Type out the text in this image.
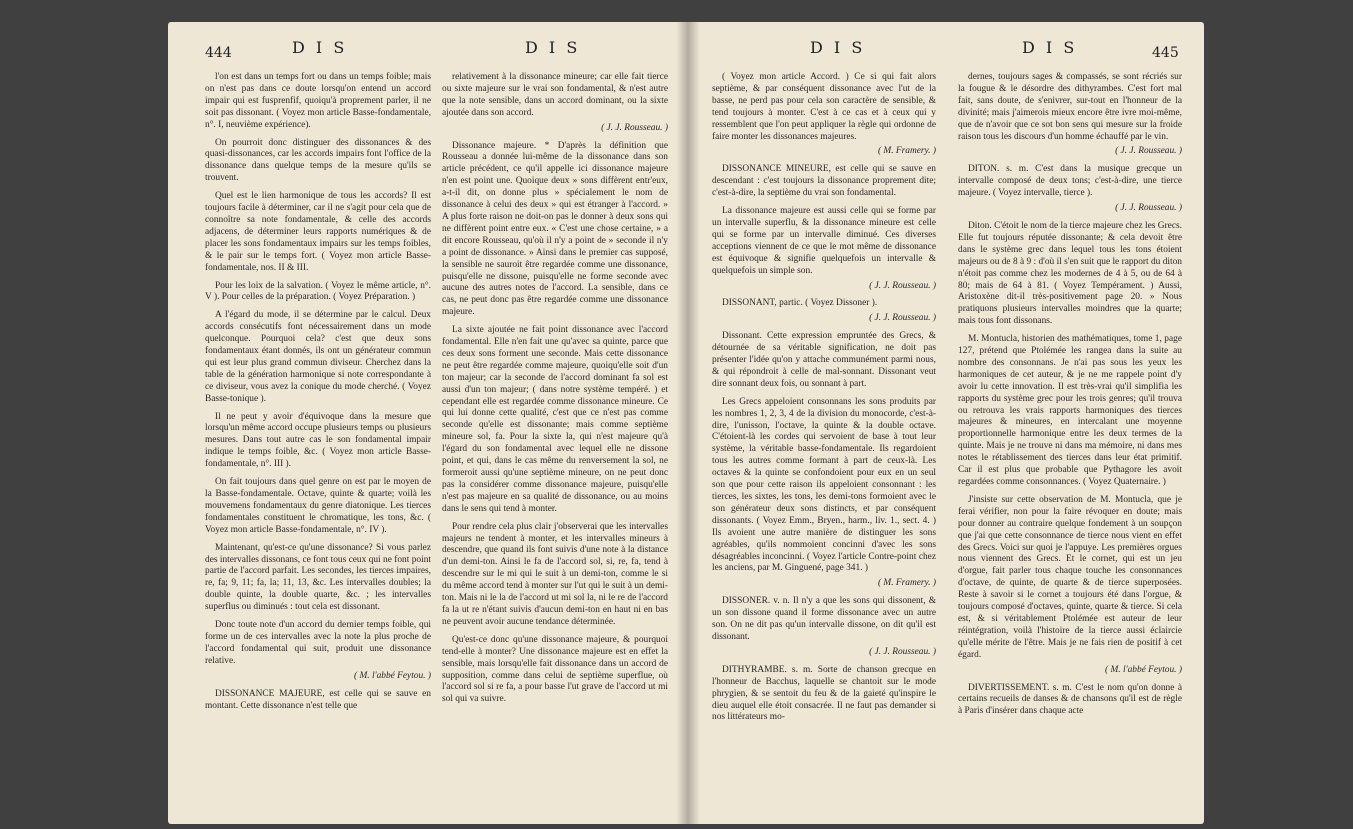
444	D I S	D I S

l'on est dans un temps fort ou dans un temps foible; mais on n'est pas dans ce doute lorsqu'on entend un accord impair qui est fusprenfif, quoiqu'à proprement parler, il ne soit pas dissonant. ( Voyez mon article Basse-fondamentale, n°. I, neuvième expérience).

On pourroit donc distinguer des dissonances & des quasi-dissonances, car les accords impairs font l'office de la dissonance dans quelque temps de la mesure qu'ils se trouvent.

Quel est le lien harmonique de tous les accords? Il est toujours facile à déterminer, car il ne s'agit pour cela que de connoître sa note fondamentale, & celle des accords adjacens, de déterminer leurs rapports numériques & de placer les sons fondamentaux impairs sur les temps foibles, & le pair sur le temps fort. ( Voyez mon article Basse-fondamentale, nos. II & III.

Pour les loix de la salvation. ( Voyez le même article, n°. V ). Pour celles de la préparation. ( Voyez Préparation. )

A l'égard du mode, il se détermine par le calcul. Deux accords consécutifs font nécessairement dans un mode quelconque. Pourquoi cela? c'est que deux sons fondamentaux étant donnés, ils ont un générateur commun qui est leur plus grand commun diviseur. Cherchez dans la table de la génération harmonique si note correspondante à ce diviseur, vous avez la conique du mode cherché. ( Voyez Basse-tonique ).

Il ne peut y avoir d'équivoque dans la mesure que lorsqu'un même accord occupe plusieurs temps ou plusieurs mesures. Dans tout autre cas le son fondamental impair indique le temps foible, &c. ( Voyez mon article Basse-fondamentale, n°. III ).

On fait toujours dans quel genre on est par le moyen de la Basse-fondamentale. Octave, quinte & quarte; voilà les mouvemens fondamentaux du genre diatonique. Les tierces fondamentales constituent le chromatique, les tons, &c. ( Voyez mon article Basse-fondamentale, n°. IV ).

Maintenant, qu'est-ce qu'une dissonance? Si vous parlez des intervalles dissonans, ce font tous ceux qui ne font point partie de l'accord parfait. Les secondes, les tierces impaires, re, fa; 9, 11; fa, la; 11, 13, &c. Les intervalles doubles; la double quinte, la double quarte, &c. ; les intervalles superflus ou diminués : tout cela est dissonant.

Donc toute note d'un accord du dernier temps foible, qui forme un de ces intervalles avec la note la plus proche de l'accord fondamental qui suit, produit une dissonance relative.

( M. l'abbé Feytou. )

DISSONANCE MAJEURE, est celle qui se sauve en montant. Cette dissonance n'est telle que

relativement à la dissonance mineure; car elle fait tierce ou sixte majeure sur le vrai son fondamental, & n'est autre que la note sensible, dans un accord dominant, ou la sixte ajoutée dans son accord.

( J. J. Rousseau. )

Dissonance majeure. * D'après la définition que Rousseau a donnée lui-même de la dissonance dans son article précédent, ce qu'il appelle ici dissonance majeure n'en est point une. Quoique deux » sons diffèrent entr'eux, a-t-il dit, on donne plus » spécialement le nom de dissonance à celui des deux » qui est étranger à l'accord. » A plus forte raison ne doit-on pas le donner à deux sons qui ne diffèrent point entre eux. « C'est une chose certaine, » a dit encore Rousseau, qu'où il n'y a point de » seconde il n'y a point de dissonance. » Ainsi dans le premier cas supposé, la sensible ne sauroit être regardée comme une dissonance, puisqu'elle ne dissone, puisqu'elle ne forme seconde avec aucune des autres notes de l'accord. La sensible, dans ce cas, ne peut donc pas être regardée comme une dissonance majeure.

La sixte ajoutée ne fait point dissonance avec l'accord fondamental. Elle n'en fait une qu'avec sa quinte, parce que ces deux sons forment une seconde. Mais cette dissonance ne peut être regardée comme majeure, quoiqu'elle soit d'un ton majeur; car la seconde de l'accord dominant fa sol est aussi d'un ton majeur; ( dans notre système tempéré. ) et cependant elle est regardée comme dissonance mineure. Ce qui lui donne cette qualité, c'est que ce n'est pas comme seconde qu'elle est dissonante; mais comme septième mineure sol, fa. Pour la sixte la, qui n'est majeure qu'à l'égard du son fondamental avec lequel elle ne dissone point, et qui, dans le cas même du renversement la sol, ne formeroit aussi qu'une septième mineure, on ne peut donc pas la considérer comme dissonance majeure, puisqu'elle n'est pas majeure en sa qualité de dissonance, ou au moins dans le sens qui tend à monter.

Pour rendre cela plus clair j'observerai que les intervalles majeurs ne tendent à monter, et les intervalles mineurs à descendre, que quand ils font suivis d'une note à la distance d'un demi-ton. Ainsi le fa de l'accord sol, si, re, fa, tend à descendre sur le mi qui le suit à un demi-ton, comme le si du même accord tend à monter sur l'ut qui le suit à un demi-ton. Mais ni le la de l'accord ut mi sol la, ni le re de l'accord fa la ut re n'étant suivis d'aucun demi-ton en haut ni en bas ne peuvent avoir aucune tendance déterminée.

Qu'est-ce donc qu'une dissonance majeure, & pourquoi tend-elle à monter? Une dissonance majeure est en effet la sensible, mais lorsqu'elle fait dissonance dans un accord de supposition, comme dans celui de septième superflue, où l'accord sol si re fa, a pour basse l'ut grave de l'accord ut mi sol qui va suivre.

D I S	D I S	445

( Voyez mon article Accord. ) Ce si qui fait alors septième, & par conséquent dissonance avec l'ut de la basse, ne perd pas pour cela son caractère de sensible, & tend toujours à monter. C'est à ce cas et à ceux qui y ressemblent que l'on peut appliquer la règle qui ordonne de faire monter les dissonances majeures.

( M. Framery. )

DISSONANCE MINEURE, est celle qui se sauve en descendant : c'est toujours la dissonance proprement dite; c'est-à-dire, la septième du vrai son fondamental.

La dissonance majeure est aussi celle qui se forme par un intervalle superflu, & la dissonance mineure est celle qui se forme par un intervalle diminué. Ces diverses acceptions viennent de ce que le mot même de dissonance est équivoque & signifie quelquefois un intervalle & quelquefois un simple son.

( J. J. Rousseau. )

DISSONANT, partic. ( Voyez Dissoner ).

( J. J. Rousseau. )

Dissonant. Cette expression empruntée des Grecs, & détournée de sa véritable signification, ne doit pas présenter l'idée qu'on y attache communément parmi nous, & qui répondroit à celle de mal-sonnant. Dissonant veut dire sonnant deux fois, ou sonnant à part.

Les Grecs appeloient consonnans les sons produits par les nombres 1, 2, 3, 4 de la division du monocorde, c'est-à-dire, l'unisson, l'octave, la quinte & la double octave. C'étoient-là les cordes qui servoient de base à tout leur système, la véritable basse-fondamentale. Ils regardoient tous les autres comme formant à part de ceux-là. Les octaves & la quinte se confondoient pour eux en un seul son que pour cette raison ils appeloient consonnant : les tierces, les sixtes, les tons, les demi-tons formoient avec le son générateur deux sons distincts, et par conséquent dissonants. ( Voyez Emm., Bryen., harm., liv. 1., sect. 4. ) Ils avoient une autre manière de distinguer les sons agréables, qu'ils nommoient concinni d'avec les sons désagréables inconcinni. ( Voyez l'article Contre-point chez les anciens, par M. Ginguené, page 341. )

( M. Framery. )

DISSONER. v. n. Il n'y a que les sons qui dissonent, & un son dissone quand il forme dissonance avec un autre son. On ne dit pas qu'un intervalle dissone, on dit qu'il est dissonant.

( J. J. Rousseau. )

DITHYRAMBE. s. m. Sorte de chanson grecque en l'honneur de Bacchus, laquelle se chantoit sur le mode phrygien, & se sentoit du feu & de la gaieté qu'inspire le dieu auquel elle étoit consacrée. Il ne faut pas demander si nos littérateurs mo-

dernes, toujours sages & compassés, se sont récriés sur la fougue & le désordre des dithyrambes. C'est fort mal fait, sans doute, de s'enivrer, sur-tout en l'honneur de la divinité; mais j'aimerois mieux encore être ivre moi-même, que de n'avoir que ce sot bon sens qui mesure sur la froide raison tous les discours d'un homme échauffé par le vin.

( J. J. Rousseau. )

DITON. s. m. C'est dans la musique grecque un intervalle composé de deux tons; c'est-à-dire, une tierce majeure. ( Voyez intervalle, tierce ).

( J. J. Rousseau. )

Diton. C'étoit le nom de la tierce majeure chez les Grecs. Elle fut toujours réputée dissonante; & cela devoit être dans le système grec dans lequel tous les tons étoient majeurs ou de 8 à 9 : d'où il s'en suit que le rapport du diton n'étoit pas comme chez les modernes de 4 à 5, ou de 64 à 80; mais de 64 à 81. ( Voyez Tempérament. ) Aussi, Aristoxène dit-il très-positivement page 20. » Nous pratiquons plusieurs intervalles moindres que la quarte; mais tous font dissonans.

M. Montucla, historien des mathématiques, tome 1, page 127, prétend que Ptolémée les rangea dans la suite au nombre des consonnans. Je n'ai pas sous les yeux les harmoniques de cet auteur, & je ne me rappele point d'y avoir lu cette innovation. Il est très-vrai qu'il simplifia les rapports du système grec pour les trois genres; qu'il trouva ou retrouva les vrais rapports harmoniques des tierces majeures & mineures, en intercalant une moyenne proportionnelle harmonique entre les deux termes de la quinte. Mais je ne trouve ni dans ma mémoire, ni dans mes notes le rétablissement des tierces dans leur état primitif. Car il est plus que probable que Pythagore les avoit regardées comme consonnances. ( Voyez Quaternaire. )

J'insiste sur cette observation de M. Montucla, que je ferai vérifier, non pour la faire révoquer en doute; mais pour donner au contraire quelque fondement à un soupçon que j'ai que cette consonnance de tierce nous vient en effet des Grecs. Voici sur quoi je l'appuye. Les premières orgues nous viennent des Grecs. Et le cornet, qui est un jeu d'orgue, fait parler tous chaque touche les consonnances d'octave, de quinte, de quarte & de tierce superposées. Reste à savoir si le cornet a toujours été dans l'orgue, & toujours composé d'octaves, quinte, quarte & tierce. Si cela est, & si véritablement Ptolémée est auteur de leur réintégration, voilà l'histoire de la tierce aussi éclaircie qu'elle mérite de l'être. Mais je ne fais rien de positif à cet égard.

( M. l'abbé Feytou. )

DIVERTISSEMENT. s. m. C'est le nom qu'on donne à certains recueils de danses & de chansons qu'il est de règle à Paris d'insérer dans chaque acte
